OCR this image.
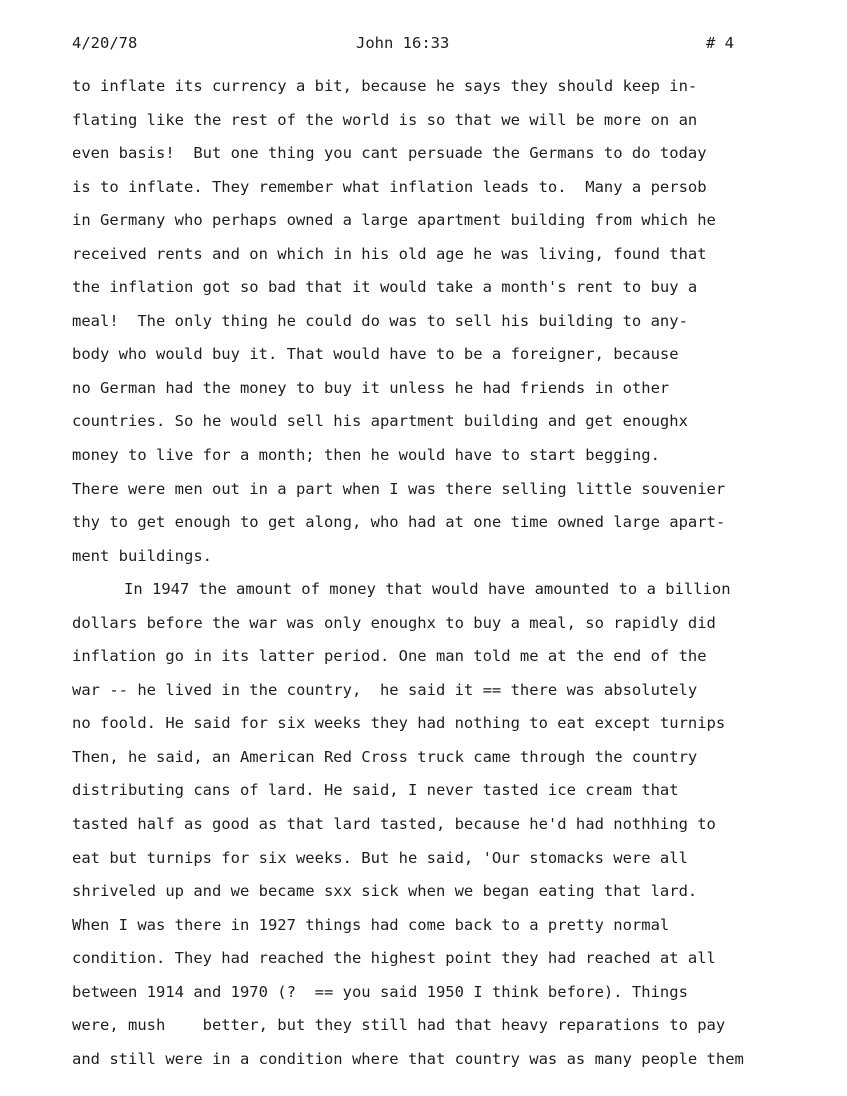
4/20/78	John 16:33	# 4
to inflate its currency a bit, because he says they should keep in-
flating like the rest of the world is so that we will be more on an
even basis!  But one thing you cant persuade the Germans to do today
is to inflate. They remember what inflation leads to.  Many a persob
in Germany who perhaps owned a large apartment building from which he
received rents and on which in his old age he was living, found that
the inflation got so bad that it would take a month's rent to buy a
meal!  The only thing he could do was to sell his building to any-
body who would buy it. That would have to be a foreigner, because
no German had the money to buy it unless he had friends in other
countries. So he would sell his apartment building and get enoughx
money to live for a month; then he would have to start begging.
There were men out in a part when I was there selling little souvenier
thy to get enough to get along, who had at one time owned large apart-
ment buildings.
In 1947 the amount of money that would have amounted to a billion
dollars before the war was only enoughx to buy a meal, so rapidly did
inflation go in its latter period. One man told me at the end of the
war -- he lived in the country,  he said it == there was absolutely
no foold. He said for six weeks they had nothing to eat except turnips
Then, he said, an American Red Cross truck came through the country
distributing cans of lard. He said, I never tasted ice cream that
tasted half as good as that lard tasted, because he'd had nothhing to
eat but turnips for six weeks. But he said, 'Our stomacks were all
shriveled up and we became sxx sick when we began eating that lard.
When I was there in 1927 things had come back to a pretty normal
condition. They had reached the highest point they had reached at all
between 1914 and 1970 (?  == you said 1950 I think before). Things
were, mush    better, but they still had that heavy reparations to pay
and still were in a condition where that country was as many people them
